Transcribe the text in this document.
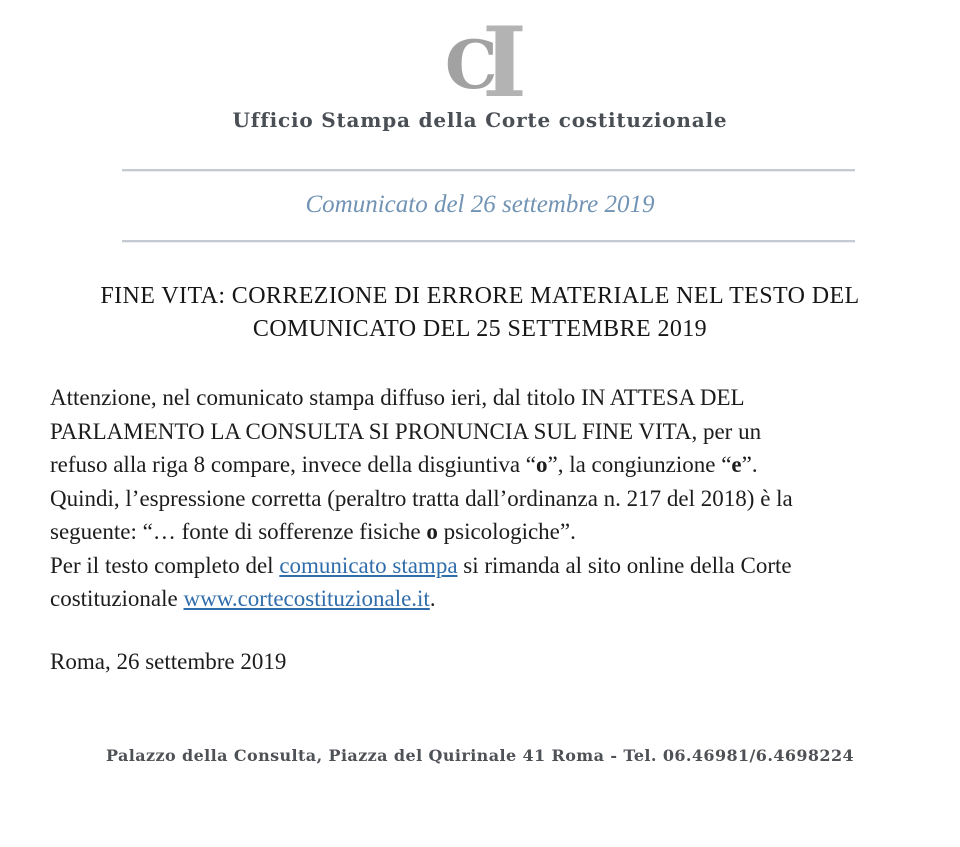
C
I
Ufficio Stampa della Corte costituzionale
Comunicato del 26 settembre 2019
FINE VITA: CORREZIONE DI ERRORE MATERIALE NEL TESTO DEL
COMUNICATO DEL 25 SETTEMBRE 2019
Attenzione, nel comunicato stampa diffuso ieri, dal titolo IN ATTESA DEL
PARLAMENTO LA CONSULTA SI PRONUNCIA SUL FINE VITA, per un
refuso alla riga 8 compare, invece della disgiuntiva “o”, la congiunzione “e”.
Quindi, l’espressione corretta (peraltro tratta dall’ordinanza n. 217 del 2018) è la
seguente: “… fonte di sofferenze fisiche o psicologiche”.
Per il testo completo del comunicato stampa si rimanda al sito online della Corte
costituzionale www.cortecostituzionale.it.
Roma, 26 settembre 2019
Palazzo della Consulta, Piazza del Quirinale 41 Roma - Tel. 06.46981/6.4698224
